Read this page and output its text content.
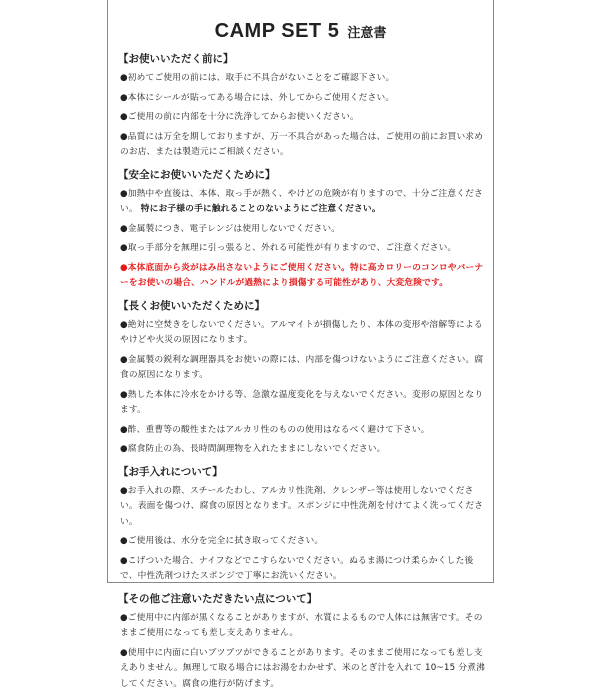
CAMP SET 5 注意書
【お使いいただく前に】
●初めてご使用の前には、取手に不具合がないことをご確認下さい。
●本体にシールが貼ってある場合には、外してからご使用ください。
●ご使用の前に内部を十分に洗浄してからお使いください。
●品質には万全を期しておりますが、万一不具合があった場合は、ご使用の前にお買い求めのお店、または製造元にご相談ください。
【安全にお使いいただくために】
●加熱中や直後は、本体、取っ手が熱く、やけどの危険が有りますので、十分ご注意ください。 特にお子様の手に触れることのないようにご注意ください。
●金属製につき、電子レンジは使用しないでください。
●取っ手部分を無理に引っ張ると、外れる可能性が有りますので、ご注意ください。
●本体底面から炎がはみ出さないようにご使用ください。特に高カロリーのコンロやバーナーをお使いの場合、ハンドルが過熱により損傷する可能性があり、大変危険です。
【長くお使いいただくために】
●絶対に空焚きをしないでください。アルマイトが損傷したり、本体の変形や溶解等によるやけどや火災の原因になります。
●金属製の鋭利な調理器具をお使いの際には、内部を傷つけないようにご注意ください。腐食の原因になります。
●熱した本体に冷水をかける等、急激な温度変化を与えないでください。変形の原因となります。
●酢、重曹等の酸性またはアルカリ性のものの使用はなるべく避けて下さい。
●腐食防止の為、長時間調理物を入れたままにしないでください。
【お手入れについて】
●お手入れの際、スチールたわし、アルカリ性洗剤、クレンザー等は使用しないでください。表面を傷つけ、腐食の原因となります。スポンジに中性洗剤を付けてよく洗ってください。
●ご使用後は、水分を完全に拭き取ってください。
●こげついた場合、ナイフなどでこすらないでください。ぬるま湯につけ柔らかくした後で、中性洗剤つけたスポンジで丁寧にお洗いください。
【その他ご注意いただきたい点について】
●ご使用中に内部が黒くなることがありますが、水質によるもので人体には無害です。そのままご使用になっても差し支えありません。
●使用中に内面に白いブツブツができることがあります。そのままご使用になっても差し支えありません。無理して取る場合にはお湯をわかせず、米のとぎ汁を入れて 10~15 分煮沸してください。腐食の進行が防げます。
